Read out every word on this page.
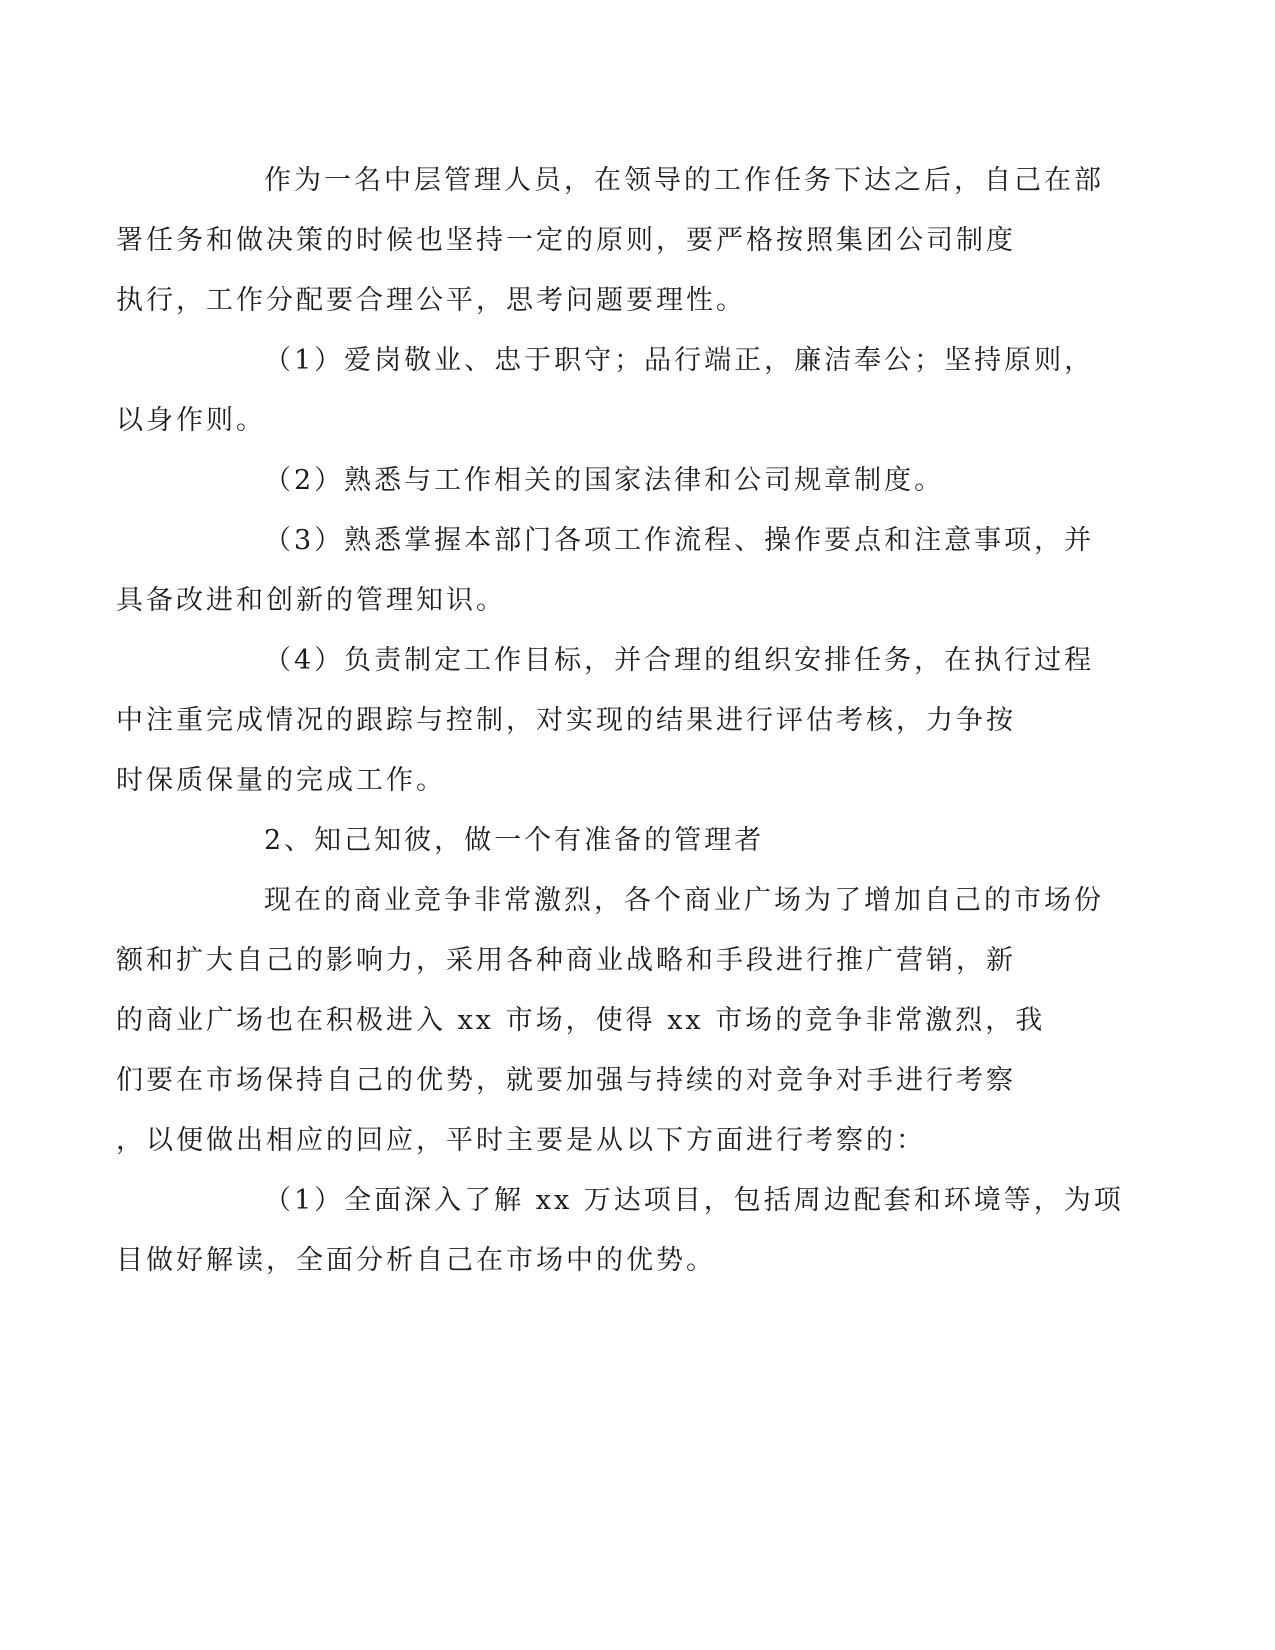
作为一名中层管理人员，在领导的工作任务下达之后，自己在部
署任务和做决策的时候也坚持一定的原则，要严格按照集团公司制度
执行，工作分配要合理公平，思考问题要理性。

（1）爱岗敬业、忠于职守；品行端正，廉洁奉公；坚持原则，
以身作则。

（2）熟悉与工作相关的国家法律和公司规章制度。

（3）熟悉掌握本部门各项工作流程、操作要点和注意事项，并
具备改进和创新的管理知识。

（4）负责制定工作目标，并合理的组织安排任务，在执行过程
中注重完成情况的跟踪与控制，对实现的结果进行评估考核，力争按
时保质保量的完成工作。

2、知己知彼，做一个有准备的管理者

现在的商业竞争非常激烈，各个商业广场为了增加自己的市场份
额和扩大自己的影响力，采用各种商业战略和手段进行推广营销，新
的商业广场也在积极进入 xx 市场，使得 xx 市场的竞争非常激烈，我
们要在市场保持自己的优势，就要加强与持续的对竞争对手进行考察
，以便做出相应的回应，平时主要是从以下方面进行考察的：

（1）全面深入了解 xx 万达项目，包括周边配套和环境等，为项
目做好解读，全面分析自己在市场中的优势。
